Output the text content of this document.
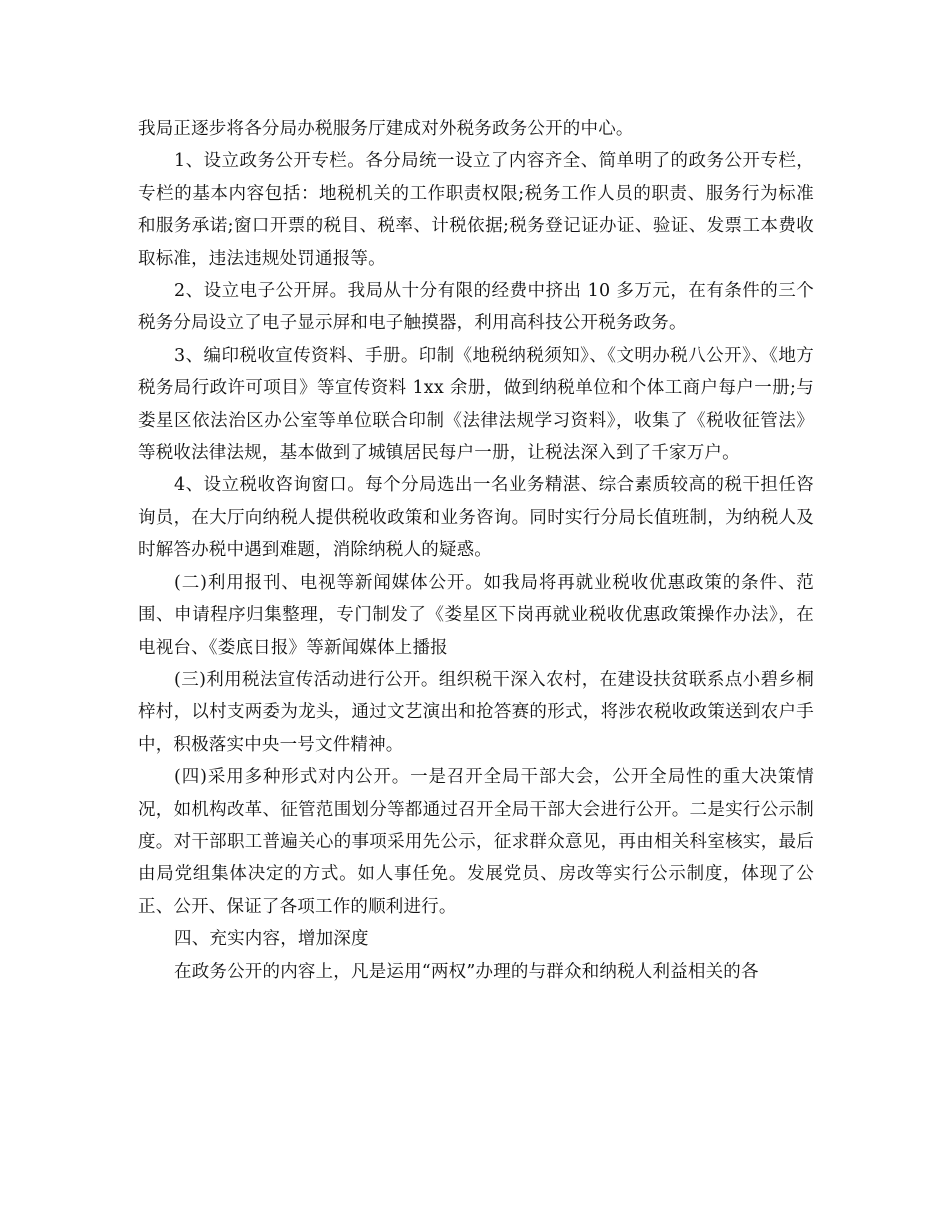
我局正逐步将各分局办税服务厅建成对外税务政务公开的中心。

1、设立政务公开专栏。各分局统一设立了内容齐全、简单明了的政务公开专栏，专栏的基本内容包括：地税机关的工作职责权限;税务工作人员的职责、服务行为标准和服务承诺;窗口开票的税目、税率、计税依据;税务登记证办证、验证、发票工本费收取标准，违法违规处罚通报等。

2、设立电子公开屏。我局从十分有限的经费中挤出 10 多万元，在有条件的三个税务分局设立了电子显示屏和电子触摸器，利用高科技公开税务政务。

3、编印税收宣传资料、手册。印制《地税纳税须知》、《文明办税八公开》、《地方税务局行政许可项目》等宣传资料 1xx 余册，做到纳税单位和个体工商户每户一册;与娄星区依法治区办公室等单位联合印制《法律法规学习资料》，收集了《税收征管法》等税收法律法规，基本做到了城镇居民每户一册，让税法深入到了千家万户。

4、设立税收咨询窗口。每个分局选出一名业务精湛、综合素质较高的税干担任咨询员，在大厅向纳税人提供税收政策和业务咨询。同时实行分局长值班制，为纳税人及时解答办税中遇到难题，消除纳税人的疑惑。

(二)利用报刊、电视等新闻媒体公开。如我局将再就业税收优惠政策的条件、范围、申请程序归集整理，专门制发了《娄星区下岗再就业税收优惠政策操作办法》，在电视台、《娄底日报》等新闻媒体上播报

(三)利用税法宣传活动进行公开。组织税干深入农村，在建设扶贫联系点小碧乡桐梓村，以村支两委为龙头，通过文艺演出和抢答赛的形式，将涉农税收政策送到农户手中，积极落实中央一号文件精神。

(四)采用多种形式对内公开。一是召开全局干部大会，公开全局性的重大决策情况，如机构改革、征管范围划分等都通过召开全局干部大会进行公开。二是实行公示制度。对干部职工普遍关心的事项采用先公示，征求群众意见，再由相关科室核实，最后由局党组集体决定的方式。如人事任免。发展党员、房改等实行公示制度，体现了公正、公开、保证了各项工作的顺利进行。

四、充实内容，增加深度

在政务公开的内容上，凡是运用“两权”办理的与群众和纳税人利益相关的各
